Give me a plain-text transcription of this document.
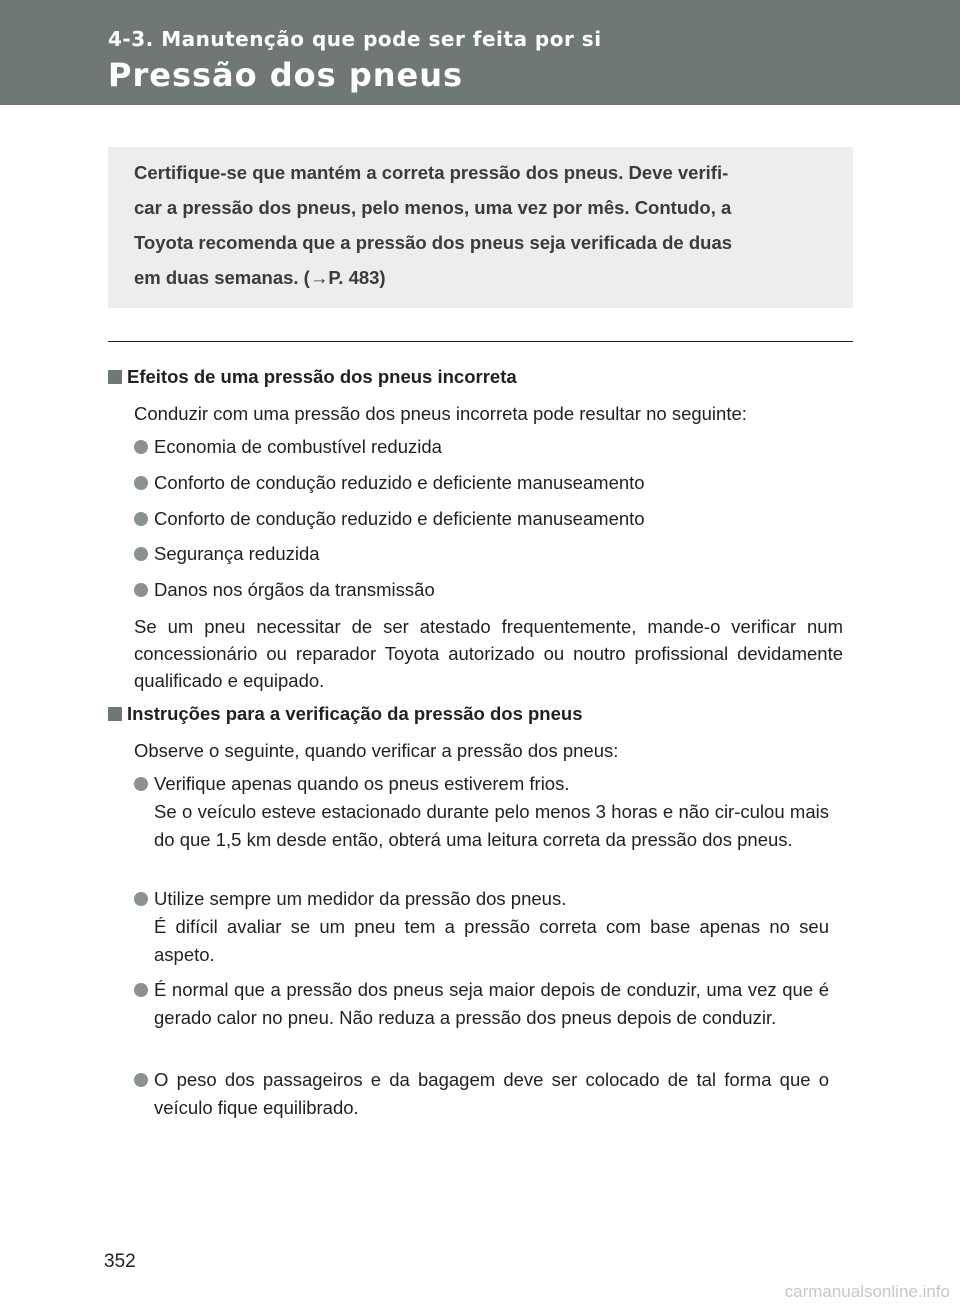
4-3. Manutenção que pode ser feita por si
Pressão dos pneus
Certifique-se que mantém a correta pressão dos pneus. Deve verifi-
car a pressão dos pneus, pelo menos, uma vez por mês. Contudo, a
Toyota recomenda que a pressão dos pneus seja verificada de duas
em duas semanas. (→P. 483)
Efeitos de uma pressão dos pneus incorreta
Conduzir com uma pressão dos pneus incorreta pode resultar no seguinte:
Economia de combustível reduzida
Conforto de condução reduzido e deficiente manuseamento
Conforto de condução reduzido e deficiente manuseamento
Segurança reduzida
Danos nos órgãos da transmissão
Se um pneu necessitar de ser atestado frequentemente, mande-o verificar num concessionário ou reparador Toyota autorizado ou noutro profissional devidamente qualificado e equipado.
Instruções para a verificação da pressão dos pneus
Observe o seguinte, quando verificar a pressão dos pneus:
Verifique apenas quando os pneus estiverem frios.
Se o veículo esteve estacionado durante pelo menos 3 horas e não cir-culou mais do que 1,5 km desde então, obterá uma leitura correta da pressão dos pneus.
Utilize sempre um medidor da pressão dos pneus.
É difícil avaliar se um pneu tem a pressão correta com base apenas no seu aspeto.
É normal que a pressão dos pneus seja maior depois de conduzir, uma vez que é gerado calor no pneu. Não reduza a pressão dos pneus depois de conduzir.
O peso dos passageiros e da bagagem deve ser colocado de tal forma que o veículo fique equilibrado.
352
carmanualsonline.info
